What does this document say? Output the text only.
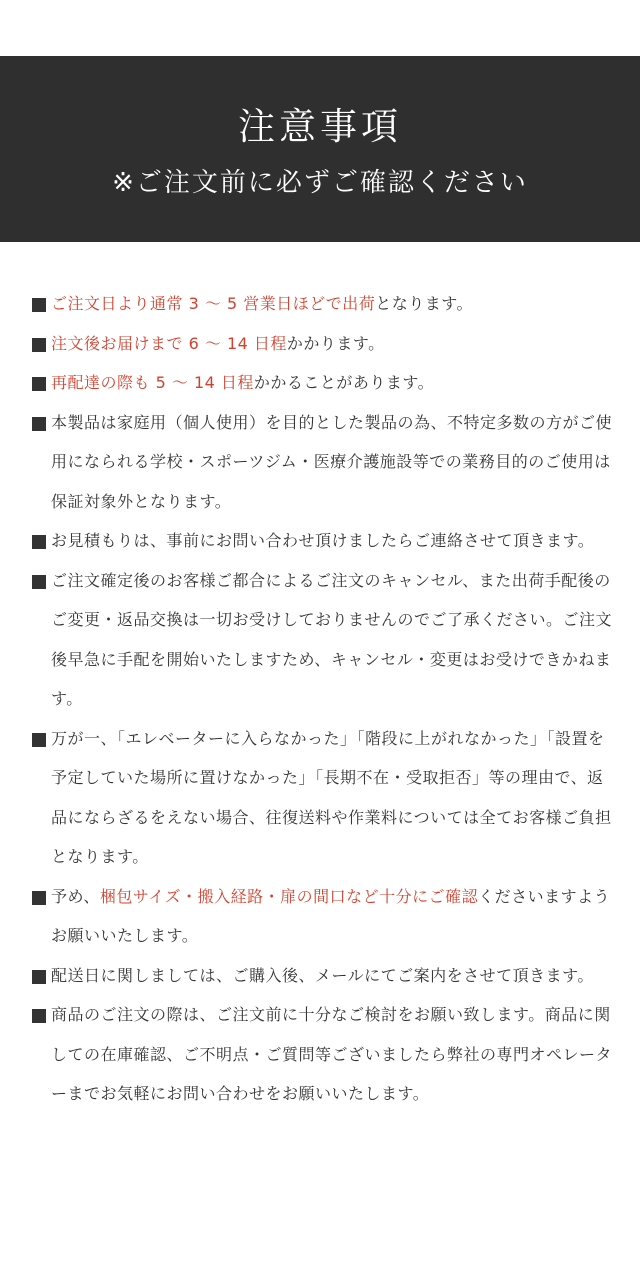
注意事項
※ご注文前に必ずご確認ください
ご注文日より通常 3 ～ 5 営業日ほどで出荷となります。
注文後お届けまで 6 ～ 14 日程かかります。
再配達の際も 5 ～ 14 日程かかることがあります。
本製品は家庭用（個人使用）を目的とした製品の為、不特定多数の方がご使用になられる学校・スポーツジム・医療介護施設等での業務目的のご使用は保証対象外となります。
お見積もりは、事前にお問い合わせ頂けましたらご連絡させて頂きます。
ご注文確定後のお客様ご都合によるご注文のキャンセル、また出荷手配後のご変更・返品交換は一切お受けしておりませんのでご了承ください。ご注文後早急に手配を開始いたしますため、キャンセル・変更はお受けできかねます。
万が一、「エレベーターに入らなかった」「階段に上がれなかった」「設置を予定していた場所に置けなかった」「長期不在・受取拒否」等の理由で、返品にならざるをえない場合、往復送料や作業料については全てお客様ご負担となります。
予め、梱包サイズ・搬入経路・扉の間口など十分にご確認くださいますようお願いいたします。
配送日に関しましては、ご購入後、メールにてご案内をさせて頂きます。
商品のご注文の際は、ご注文前に十分なご検討をお願い致します。商品に関しての在庫確認、ご不明点・ご質問等ございましたら弊社の専門オペレーターまでお気軽にお問い合わせをお願いいたします。
